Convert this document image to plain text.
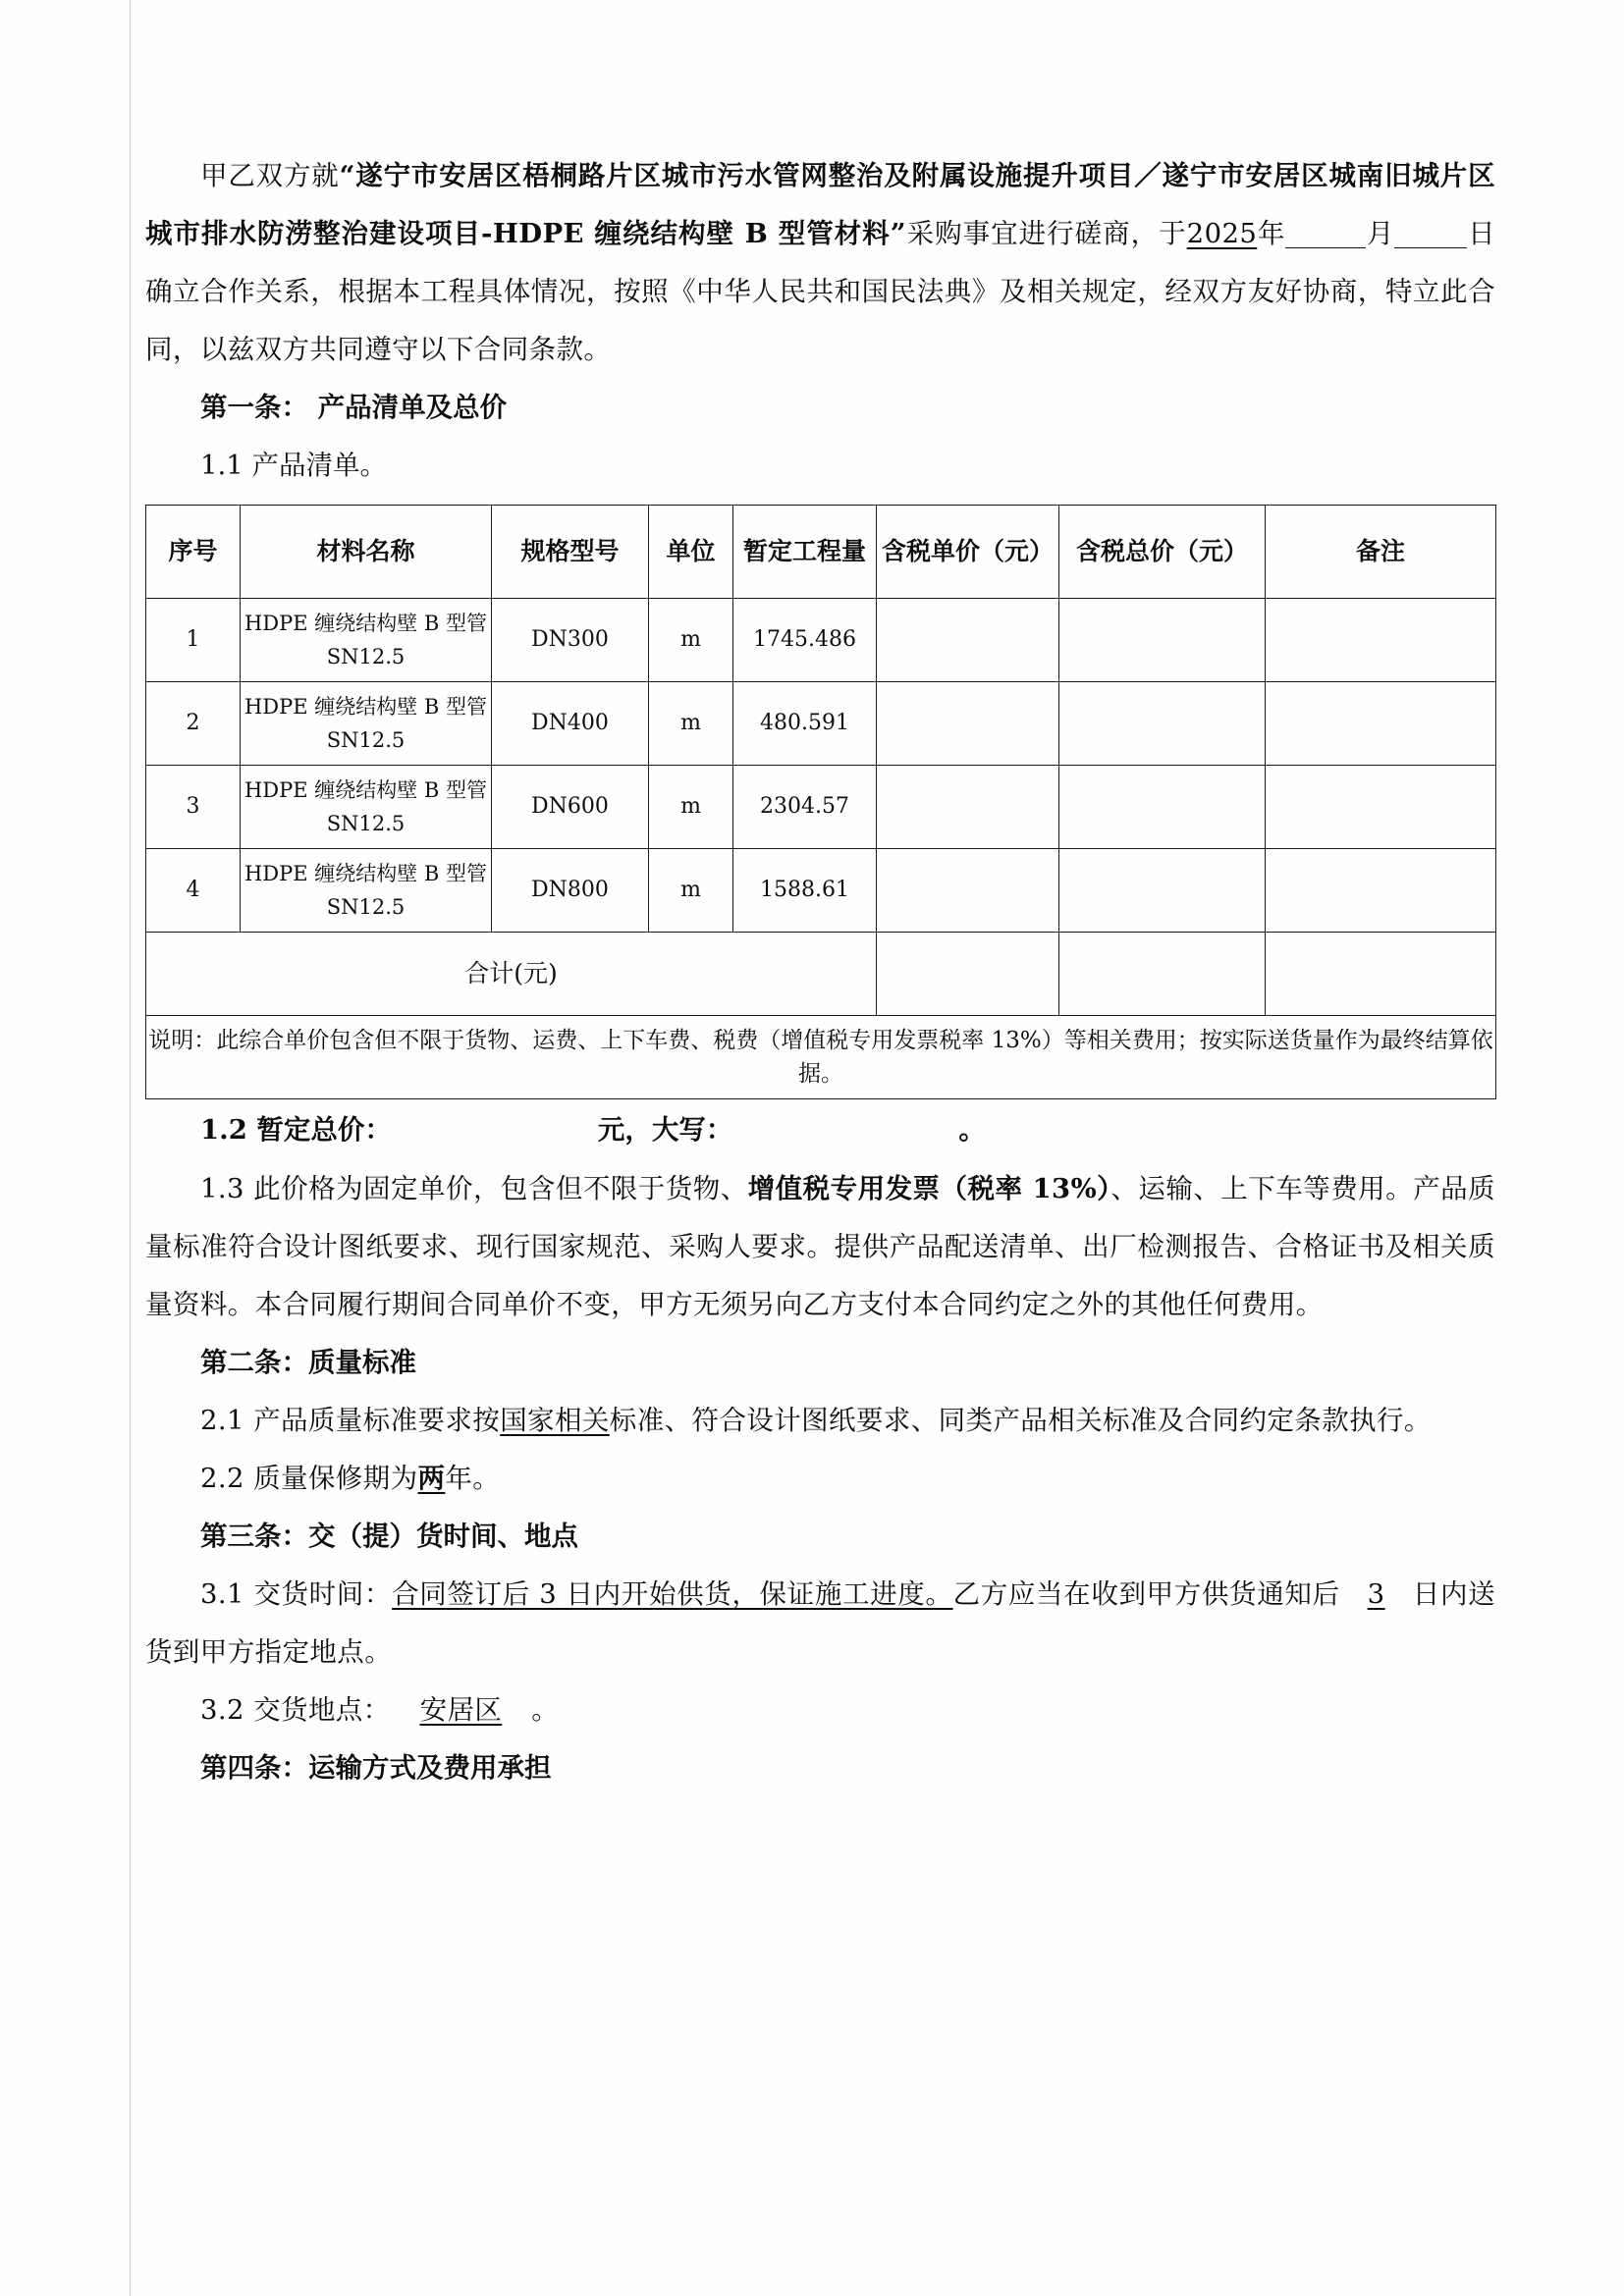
甲乙双方就“遂宁市安居区梧桐路片区城市污水管网整治及附属设施提升项目／遂宁市安居区城南旧城片区城市排水防涝整治建设项目-HDPE 缠绕结构壁 B 型管材料”采购事宜进行磋商，于2025年	月	日确立合作关系，根据本工程具体情况，按照《中华人民共和国民法典》及相关规定，经双方友好协商，特立此合同，以兹双方共同遵守以下合同条款。

第一条： 产品清单及总价

1.1 产品清单。

序号	材料名称	规格型号	单位	暂定工程量	含税单价（元）	含税总价（元）	备注
1	HDPE 缠绕结构壁 B 型管 SN12.5	DN300	m	1745.486			
2	HDPE 缠绕结构壁 B 型管 SN12.5	DN400	m	480.591			
3	HDPE 缠绕结构壁 B 型管 SN12.5	DN600	m	2304.57			
4	HDPE 缠绕结构壁 B 型管 SN12.5	DN800	m	1588.61			
合计(元)							
说明：此综合单价包含但不限于货物、运费、上下车费、税费（增值税专用发票税率 13%）等相关费用；按实际送货量作为最终结算依据。							

1.2 暂定总价：	元，大写：	。

1.3 此价格为固定单价，包含但不限于货物、增值税专用发票（税率 13%）、运输、上下车等费用。产品质量标准符合设计图纸要求、现行国家规范、采购人要求。提供产品配送清单、出厂检测报告、合格证书及相关质量资料。本合同履行期间合同单价不变，甲方无须另向乙方支付本合同约定之外的其他任何费用。

第二条：质量标准

2.1 产品质量标准要求按国家相关标准、符合设计图纸要求、同类产品相关标准及合同约定条款执行。

2.2 质量保修期为两年。

第三条：交（提）货时间、地点

3.1 交货时间：合同签订后 3 日内开始供货，保证施工进度。乙方应当在收到甲方供货通知后 3 日内送货到甲方指定地点。

3.2 交货地点： 安居区 。

第四条：运输方式及费用承担
